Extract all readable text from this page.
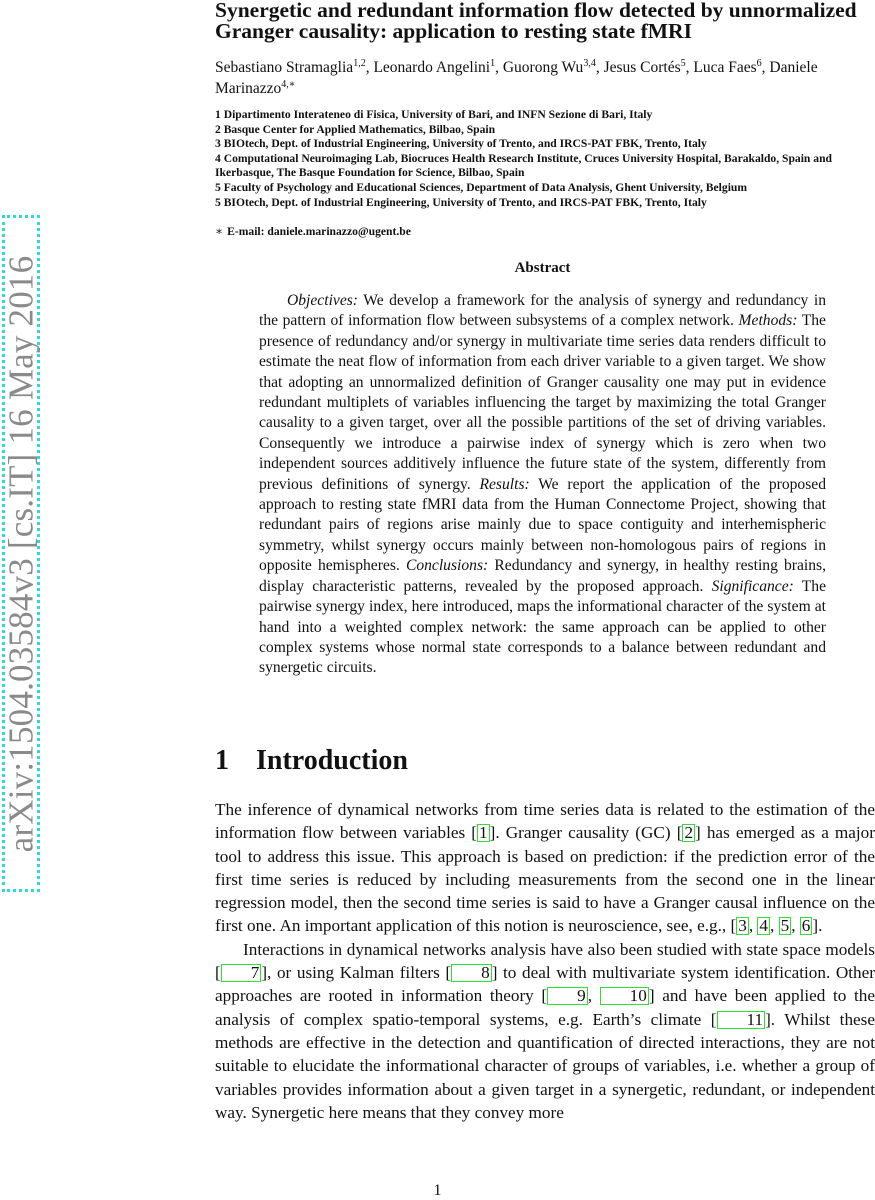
arXiv:1504.03584v3 [cs.IT] 16 May 2016
Synergetic and redundant information flow detected by unnormalized Granger causality: application to resting state fMRI
Sebastiano Stramaglia$^{1,2}$, Leonardo Angelini$^1$, Guorong Wu$^{3,4}$, Jesus Cortés$^5$, Luca Faes$^6$, Daniele Marinazzo$^{4,∗}$
1 Dipartimento Interateneo di Fisica, University of Bari, and INFN Sezione di Bari, Italy
2 Basque Center for Applied Mathematics, Bilbao, Spain
3 BIOtech, Dept. of Industrial Engineering, University of Trento, and IRCS-PAT FBK, Trento, Italy
4 Computational Neuroimaging Lab, Biocruces Health Research Institute, Cruces University Hospital, Barakaldo, Spain and Ikerbasque, The Basque Foundation for Science, Bilbao, Spain
5 Faculty of Psychology and Educational Sciences, Department of Data Analysis, Ghent University, Belgium
5 BIOtech, Dept. of Industrial Engineering, University of Trento, and IRCS-PAT FBK, Trento, Italy
∗ E-mail: daniele.marinazzo@ugent.be
Abstract

Objectives: We develop a framework for the analysis of synergy and redundancy in the pattern of information flow between subsystems of a complex network. Methods: The presence of redundancy and/or synergy in multivariate time series data renders difficult to estimate the neat flow of information from each driver variable to a given target. We show that adopting an unnormalized definition of Granger causality one may put in evidence redundant multiplets of variables influencing the target by maximizing the total Granger causality to a given target, over all the possible partitions of the set of driving variables. Consequently we introduce a pairwise index of synergy which is zero when two independent sources additively influence the future state of the system, differently from previous definitions of synergy. Results: We report the application of the proposed approach to resting state fMRI data from the Human Connectome Project, showing that redundant pairs of regions arise mainly due to space contiguity and interhemispheric symmetry, whilst synergy occurs mainly between non-homologous pairs of regions in opposite hemispheres. Conclusions: Redundancy and synergy, in healthy resting brains, display characteristic patterns, revealed by the proposed approach. Significance: The pairwise synergy index, here introduced, maps the informational character of the system at hand into a weighted complex network: the same approach can be applied to other complex systems whose normal state corresponds to a balance between redundant and synergetic circuits.

1 Introduction

The inference of dynamical networks from time series data is related to the estimation of the information flow between variables [ 1 ]. Granger causality (GC) [ 2 ] has emerged as a major tool to address this issue. This approach is based on prediction: if the prediction error of the first time series is reduced by including measurements from the second one in the linear regression model, then the second time series is said to have a Granger causal influence on the first one. An important application of this notion is neuroscience, see, e.g., [ 3 , 4 , 5 , 6 ].

Interactions in dynamical networks analysis have also been studied with state space models [ 7 ], or using Kalman filters [ 8 ] to deal with multivariate system identification. Other approaches are rooted in information theory [ 9 , 10 ] and have been applied to the analysis of complex spatio-temporal systems, e.g. Earth’s climate [ 11 ]. Whilst these methods are effective in the detection and quantification of directed interactions, they are not suitable to elucidate the informational character of groups of variables, i.e. whether a group of variables provides information about a given target in a synergetic, redundant, or independent way. Synergetic here means that they convey more

1
